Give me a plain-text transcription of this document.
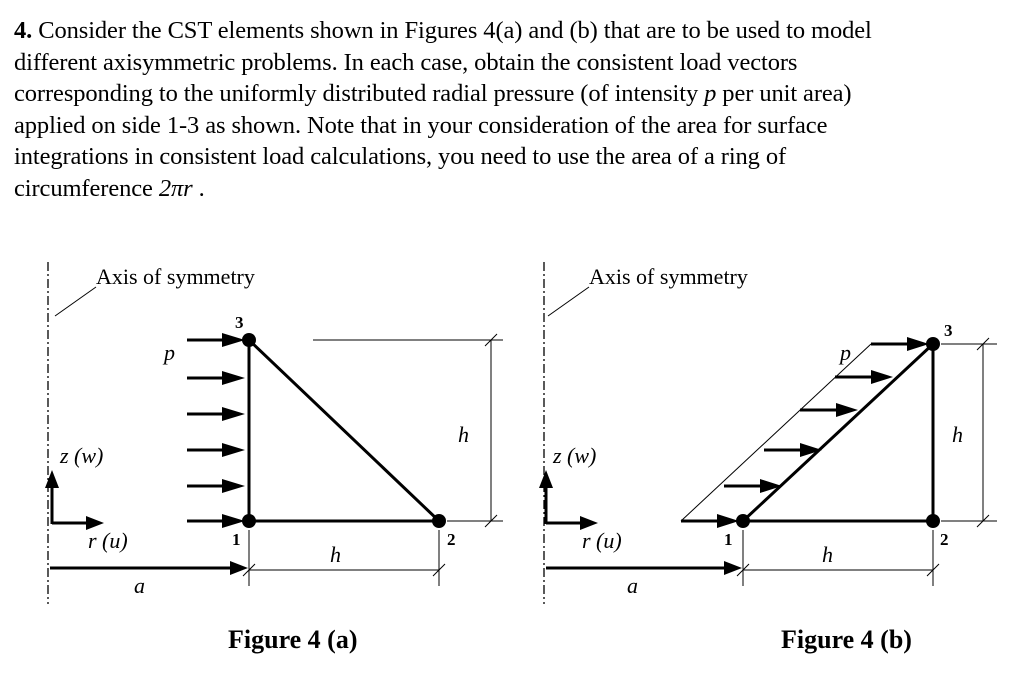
4. Consider the CST elements shown in Figures 4(a) and (b) that are to be used to model
different axisymmetric problems. In each case, obtain the consistent load vectors
corresponding to the uniformly distributed radial pressure (of intensity p per unit area)
applied on side 1-3 as shown. Note that in your consideration of the area for surface
integrations in consistent load calculations, you need to use the area of a ring of
circumference 2πr .
Axis of symmetry
z (w)
r (u)
a
3
1	2
p
h
h
Figure 4 (a)
Axis of symmetry
z (w)
r (u)
a
3
1	2
p
h
h
Figure 4 (b)
